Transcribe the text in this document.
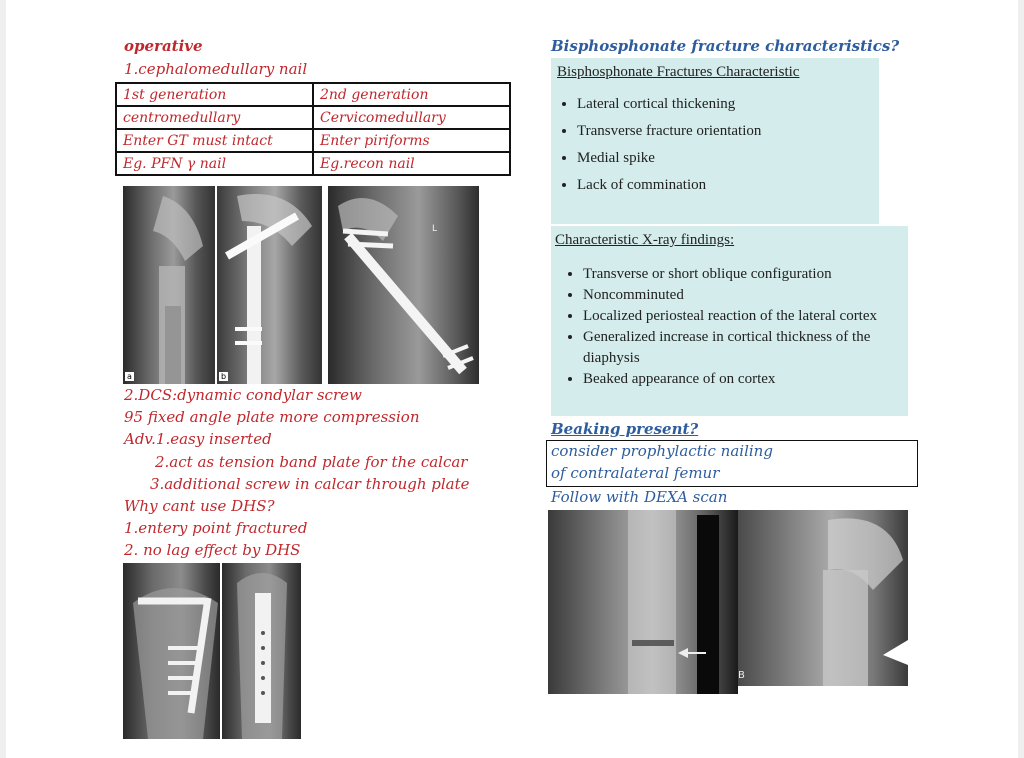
operative
1.cephalomedullary nail
1st generation	2nd generation
centromedullary	Cervicomedullary
Enter GT must intact	Enter piriforms
Eg. PFN γ nail	Eg.recon nail
a	b
L
2.DCS:dynamic condylar screw
95 fixed angle plate more compression
Adv.1.easy inserted
2.act as tension band plate for the calcar
3.additional screw in calcar through plate
Why cant use DHS?
1.entery point fractured
2. no lag effect by DHS
Bisphosphonate fracture characteristics?
Bisphosphonate Fractures Characteristic
• Lateral cortical thickening
• Transverse fracture orientation
• Medial spike
• Lack of commination
Characteristic X-ray findings:
• Transverse or short oblique configuration
• Noncomminuted
• Localized periosteal reaction of the lateral cortex
• Generalized increase in cortical thickness of the diaphysis
• Beaked appearance of on cortex
Beaking present?
consider prophylactic nailing
of contralateral femur
Follow with DEXA scan
B
